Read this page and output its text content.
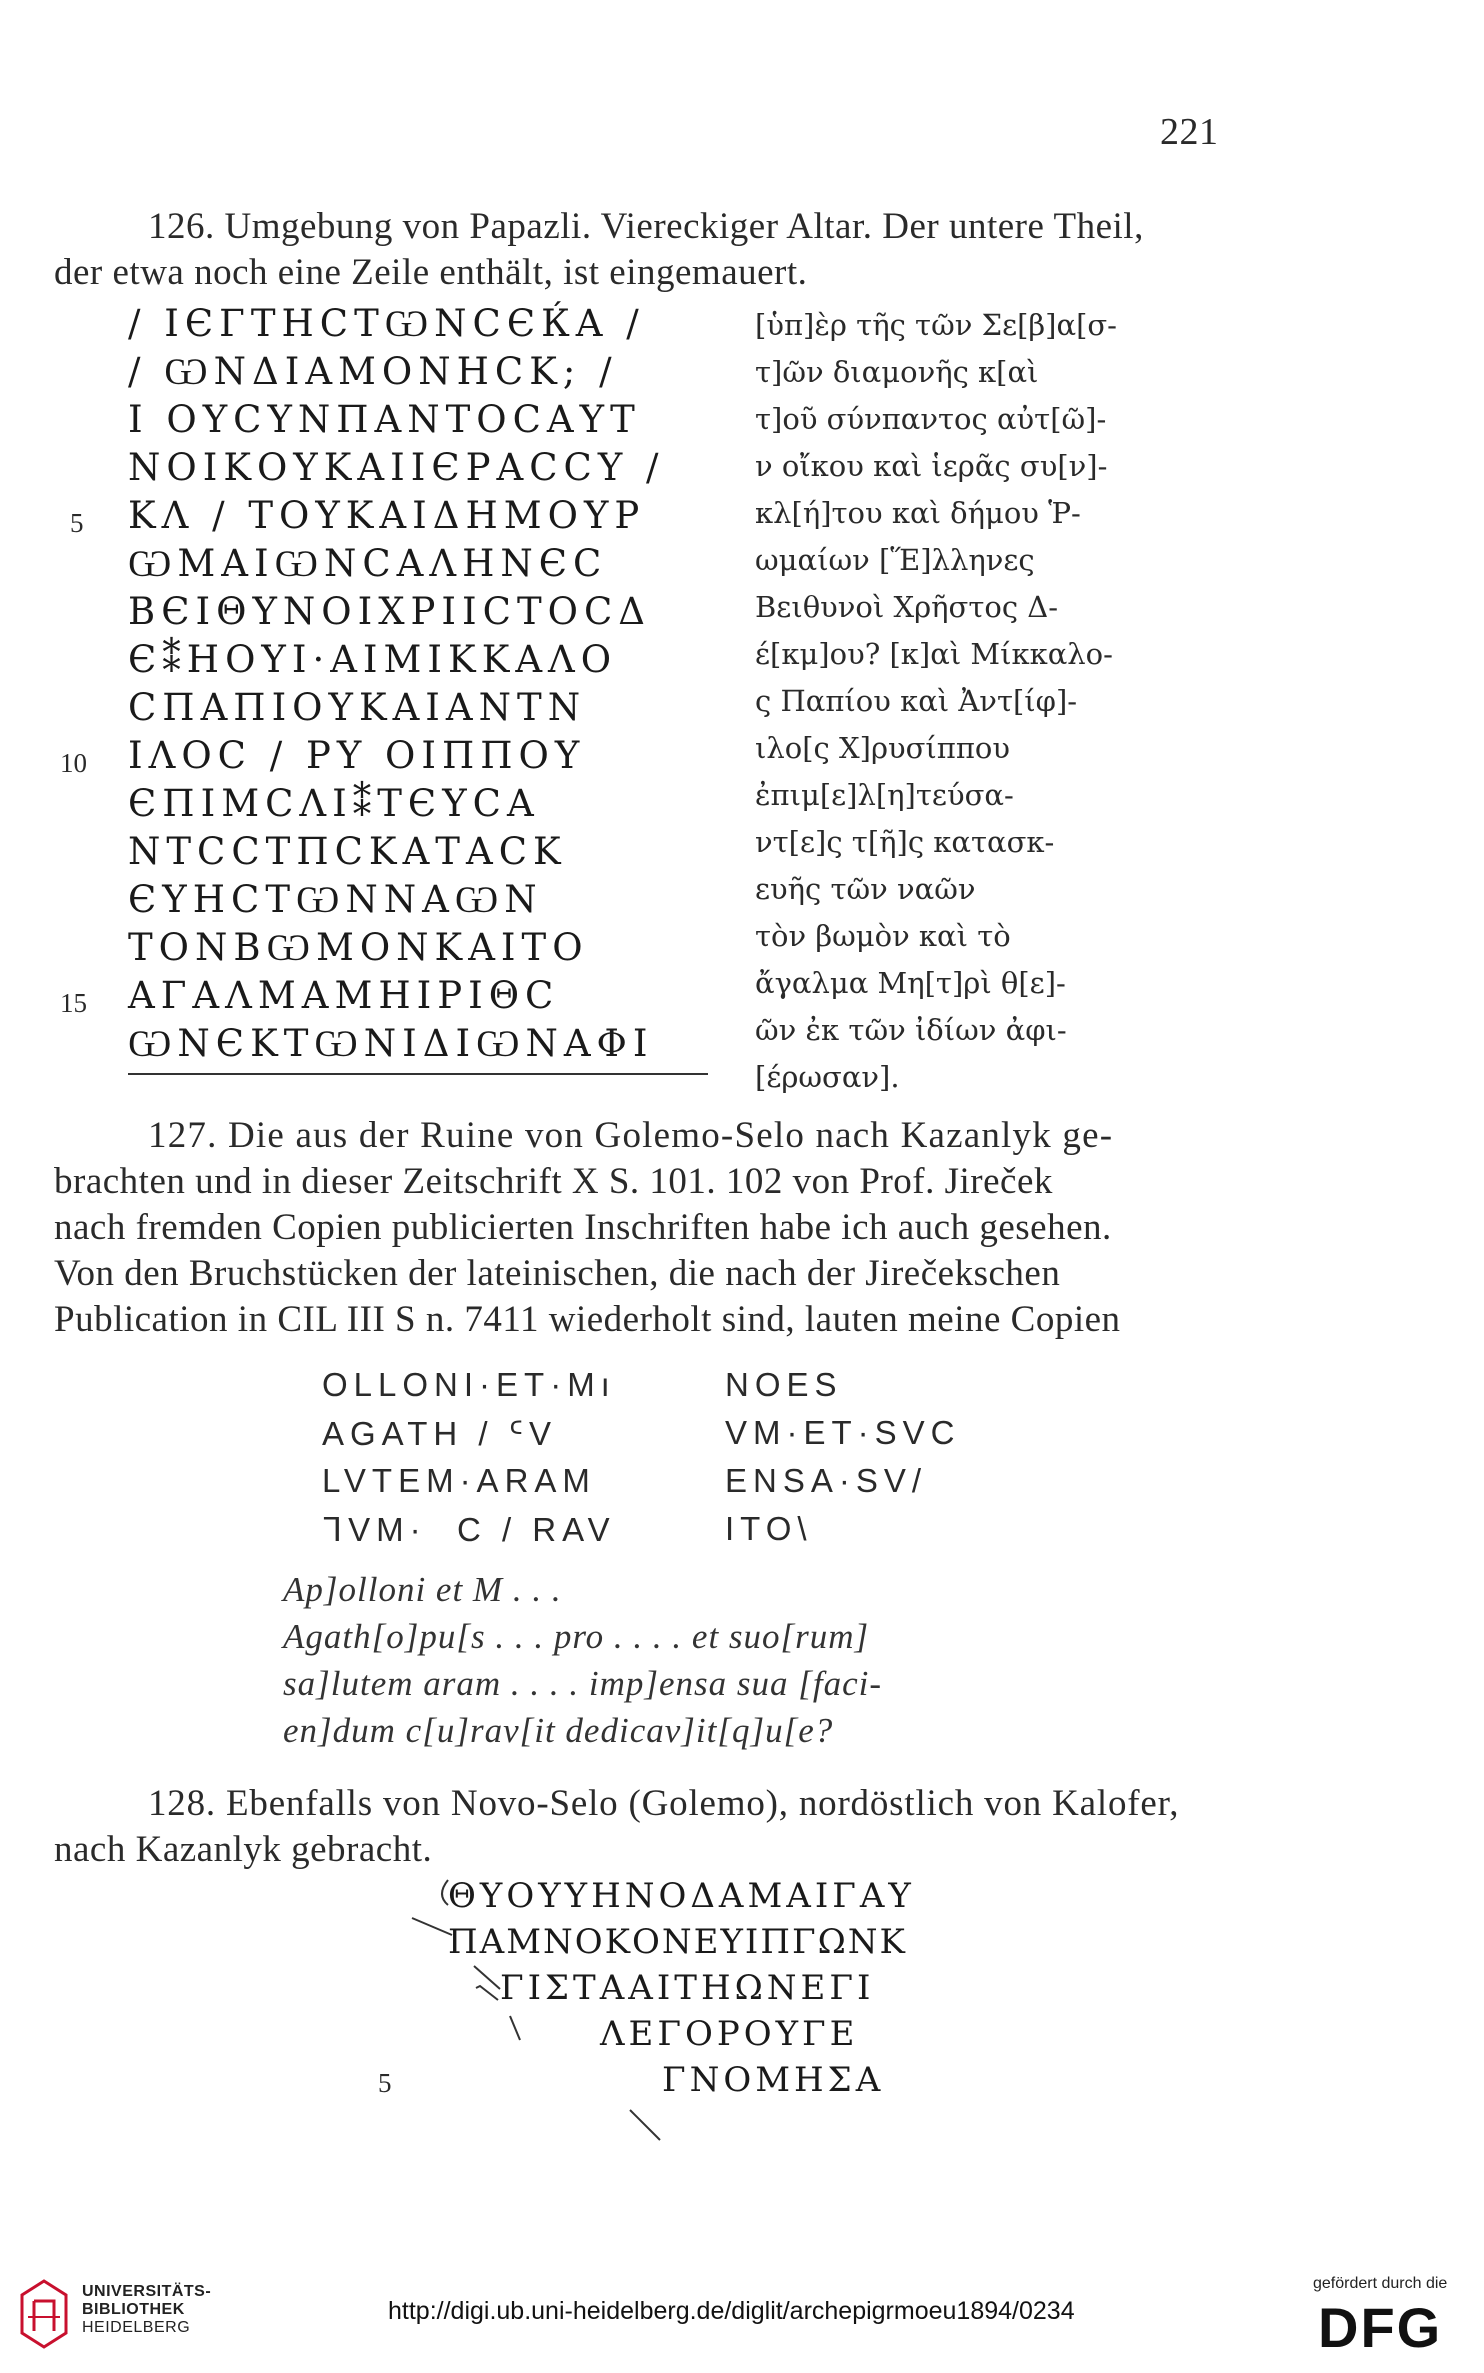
221
126. Umgebung von Papazli. Viereckiger Altar. Der untere Theil,
der etwa noch eine Zeile enthält, ist eingemauert.
/ IЄΓΤΗСΤѠΝСЄЌΑ /
/ ѠΝΔΙΑΜΟΝΗСΚ; /
Ι ΟΥСΥΝΠΑΝΤΟСΑΥΤ
ΝΟΙΚΟΥΚΑΙΙЄΡΑССΥ /
ΚΛ / ΤΟΥΚΑΙΔΗΜΟΥΡ
ѠΜΑΙѠΝСΑΛΗΝЄС
ΒЄΙΘΥΝΟΙΧΡΙΙСΤΟСΔ
Є⁑ΗΟΥΙ·ΑΙΜΙΚΚΑΛΟ
СΠΑΠΙΟΥΚΑΙΑΝΤΝ
ΙΛΟС / ΡΥ ΟΙΠΠΟΥ
ЄΠΙΜСΛΙ⁑ΤЄΥСΑ
ΝΤССΤΠСΚΑΤΑСΚ
ЄΥΗСΤѠΝΝΑѠΝ
ΤΟΝΒѠΜΟΝΚΑΙΤΟ
ΑΓΑΛΜΑΜΗΙΡΙΘС
ѠΝЄΚΤѠΝΙΔΙѠΝΑΦΙ
5
10
15
[ὑπ]ὲρ τῆς τῶν Σε[β]α[σ-
τ]ῶν διαμονῆς κ[αὶ
τ]οῦ σύνπαντος αὐτ[ῶ]-
ν οἴκου καὶ ἱερᾶς συ[ν]-
κλ[ή]του καὶ δήμου Ῥ-
ωμαίων [Ἕ]λληνες
Βειθυνοὶ Χρῆστος Δ-
έ[κμ]ου? [κ]αὶ Μίκκαλο-
ς Παπίου καὶ Ἀντ[ίφ]-
ιλο[ς Χ]ρυσίππου
ἐπιμ[ε]λ[η]τεύσα-
ντ[ε]ς τ[ῆ]ς κατασκ-
ευῆς τῶν ναῶν
τὸν βωμὸν καὶ τὸ
ἄγαλμα Μη[τ]ρὶ θ[ε]-
ῶν ἐκ τῶν ἰδίων ἀφι-
[έρωσαν].
127. Die aus der Ruine von Golemo-Selo nach Kazanlyk ge-
brachten und in dieser Zeitschrift X S. 101. 102 von Prof. Jireček
nach fremden Copien publicierten Inschriften habe ich auch gesehen.
Von den Bruchstücken der lateinischen, die nach der Jirečekschen
Publication in CIL III S n. 7411 wiederholt sind, lauten meine Copien
OLLONI·ET·Mı
AGATH / ᑦV
LVTEM·ARAM
ᒣVM·  C / RAV
NOES
VM·ET·SVC
ENSA·SV/
ITO\
Ap]olloni et M . . .
Agath[o]pu[s . . . pro . . . . et suo[rum]
sa]lutem aram . . . . imp]ensa sua [faci-
en]dum c[u]rav[it dedicav]it[q]u[e?
128. Ebenfalls von Novo-Selo (Golemo), nordöstlich von Kalofer,
nach Kazanlyk gebracht.
ΘΥΟΥΥΗΝΟΔΑΜΑΙΓΑΥ
ΠΑΜΝΟΚΟΝΕΥΙΠΓΩΝΚ
ΓΙΣΤΑΑΙΤΗΩΝΕΓΙ
ΛΕΓΟΡΟΥΓΕ
ΓΝΟΜΗΣΑ
5
UNIVERSITÄTS-
BIBLIOTHEK
HEIDELBERG
http://digi.ub.uni-heidelberg.de/diglit/archepigrmoeu1894/0234
gefördert durch die
DFG
